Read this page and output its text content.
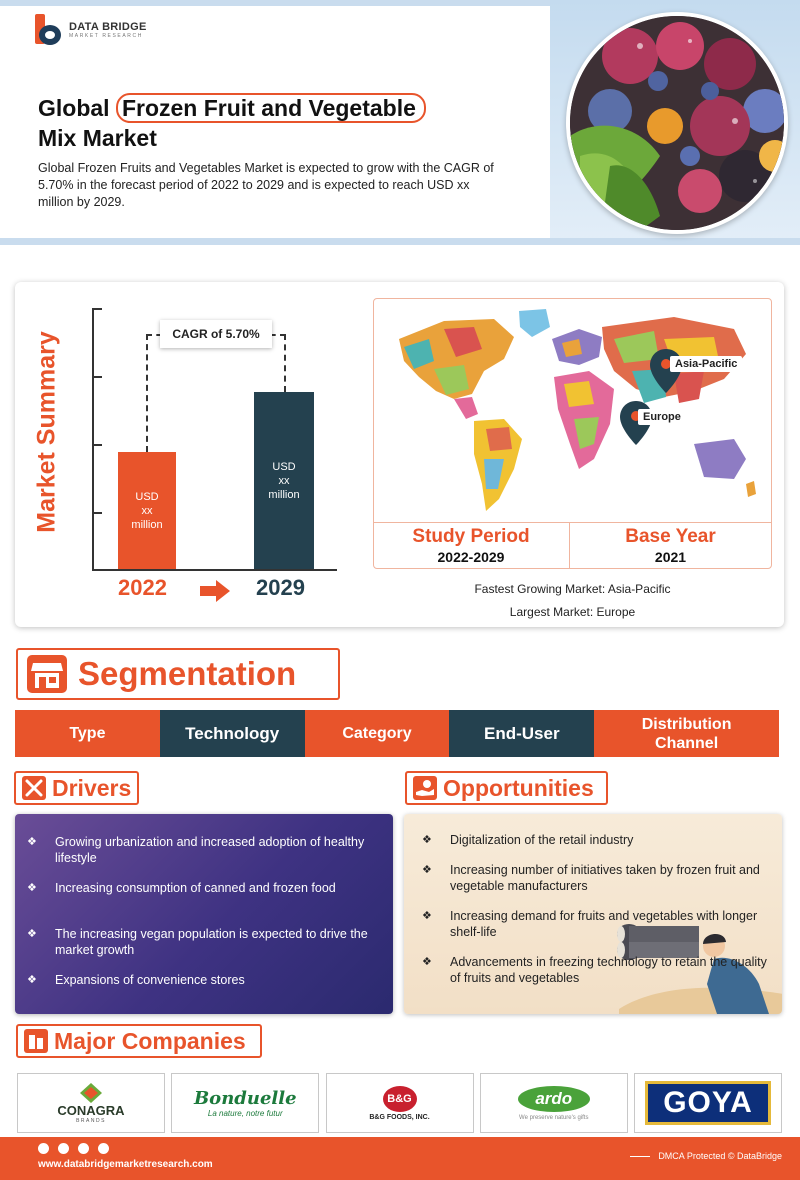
DATA BRIDGE
MARKET RESEARCH
Global Frozen Fruit and Vegetable
Mix Market
Global Frozen Fruits and Vegetables Market is expected to grow with the CAGR of 5.70% in the forecast period of 2022 to 2029 and is expected to reach USD xx million by 2029.
Market Summary	CAGR of 5.70%
USD
xx
million
USD
xx
million
2022	2029
Asia-Pacific
Europe
Study Period
2022-2029
Base Year
2021
Fastest Growing Market: Asia-Pacific
Largest Market: Europe
Segmentation
Type	Technology	Category	End-User	Distribution Channel
Drivers
❖ Growing urbanization and increased adoption of healthy lifestyle
❖ Increasing consumption of canned and frozen food
❖ The increasing vegan population is expected to drive the market growth
❖ Expansions of convenience stores
Opportunities
❖ Digitalization of the retail industry
❖ Increasing number of initiatives taken by frozen fruit and vegetable manufacturers
❖ Increasing demand for fruits and vegetables with longer shelf-life
❖ Advancements in freezing technology to retain the quality of fruits and vegetables
Major Companies
CONAGRA
BRANDS
Bonduelle
La nature, notre futur
B&G
B&G FOODS, INC.
ardo
We preserve nature's gifts	GOYA
www.databridgemarketresearch.com
DMCA Protected © DataBridge
